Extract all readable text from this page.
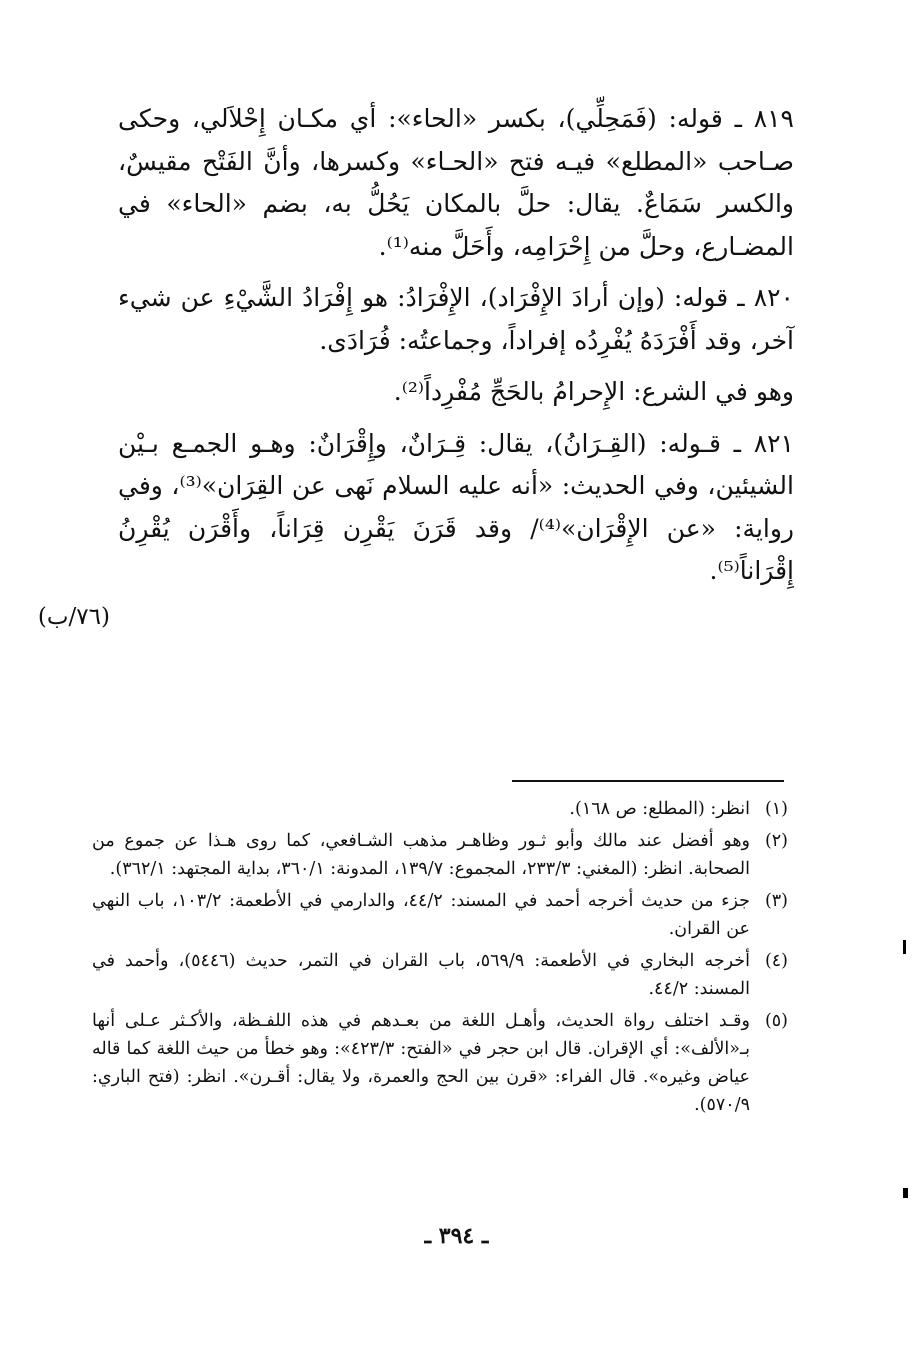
٨١٩ ـ قوله: (فَمَحِلِّي)، بكسر «الحاء»: أي مكـان إِحْلاَلي، وحكى صـاحب «المطلع» فيـه فتح «الحـاء» وكسرها، وأنَّ الفَتْح مقيسٌ، والكسر سَمَاعٌ. يقال: حلَّ بالمكان يَحُلُّ به، بضم «الحاء» في المضـارع، وحلَّ من إِحْرَامِه، وأَحَلَّ منه⁽¹⁾.

٨٢٠ ـ قوله: (وإن أرادَ الإِفْرَاد)، الإِفْرَادُ: هو إِفْرَادُ الشَّيْءِ عن شيء آخر، وقد أَفْرَدَهُ يُفْرِدُه إفراداً، وجماعتُه: فُرَادَى.

وهو في الشرع: الإِحرامُ بالحَجِّ مُفْرِداً⁽²⁾.

٨٢١ ـ قـوله: (القِـرَانُ)، يقال: قِـرَانٌ، وإِقْرَانٌ: وهـو الجمـع بـيْن الشيئين، وفي الحديث: «أنه عليه السلام نَهى عن القِرَان»⁽³⁾، وفي رواية: «عن الإِقْرَان»⁽⁴⁾/ وقد قَرَنَ يَقْرِن قِرَاناً، وأَقْرَن يُقْرِنُ إِقْرَاناً⁽⁵⁾.

(٧٦/ب)
(١)
انظر: (المطلع: ص ١٦٨).
(٢)
وهو أفضل عند مالك وأبو ثـور وظاهـر مذهب الشـافعي، كما روى هـذا عن جموع من الصحابة. انظر: (المغني: ٢٣٣/٣، المجموع: ١٣٩/٧، المدونة: ٣٦٠/١، بداية المجتهد: ٣٦٢/١).
(٣)
جزء من حديث أخرجه أحمد في المسند: ٤٤/٢، والدارمي في الأطعمة: ١٠٣/٢، باب النهي عن القران.
(٤)
أخرجه البخاري في الأطعمة: ٥٦٩/٩، باب القران في التمر، حديث (٥٤٤٦)، وأحمد في المسند: ٤٤/٢.
(٥)
وقـد اختلف رواة الحديث، وأهـل اللغة من بعـدهم في هذه اللفـظة، والأكـثر عـلى أنها بـ«الألف»: أي الإقران. قال ابن حجر في «الفتح: ٤٢٣/٣»: وهو خطأ من حيث اللغة كما قاله عياض وغيره». قال الفراء: «قرن بين الحج والعمرة، ولا يقال: أقـرن». انظر: (فتح الباري: ٥٧٠/٩).
ـ ٣٩٤ ـ
